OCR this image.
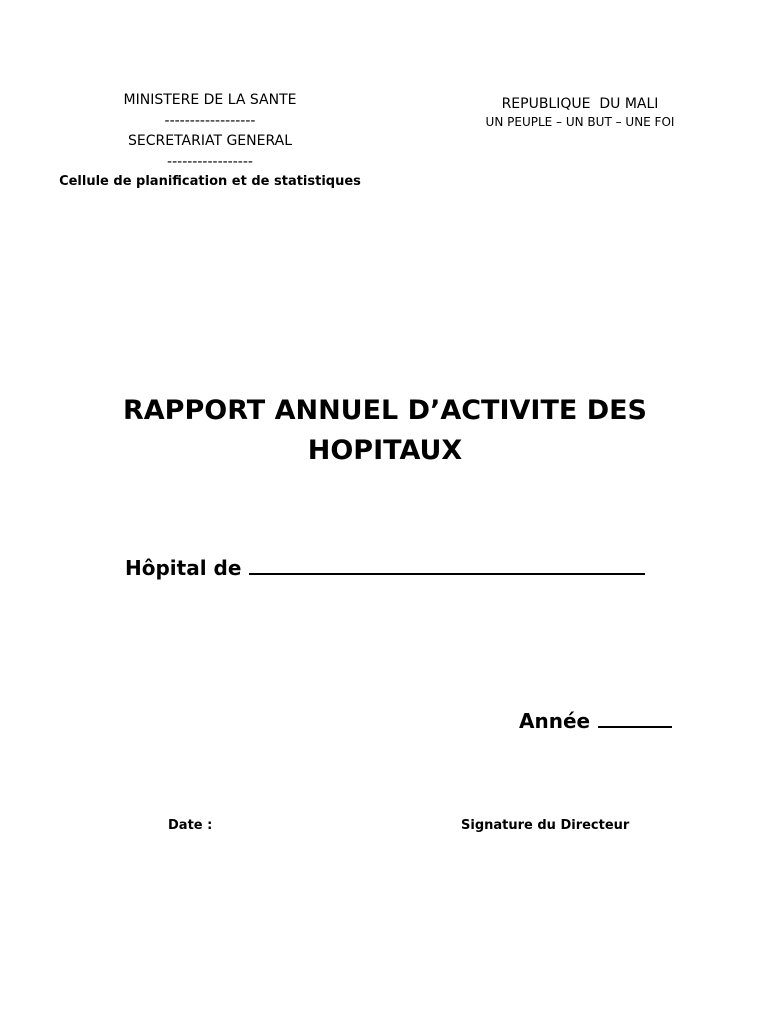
MINISTERE DE LA SANTE
------------------
SECRETARIAT GENERAL
-----------------
Cellule de planification et de statistiques
REPUBLIQUE  DU MALI
UN PEUPLE – UN BUT – UNE FOI
RAPPORT ANNUEL D’ACTIVITE DES
HOPITAUX
Hôpital de
Année
Date :	Signature du Directeur
